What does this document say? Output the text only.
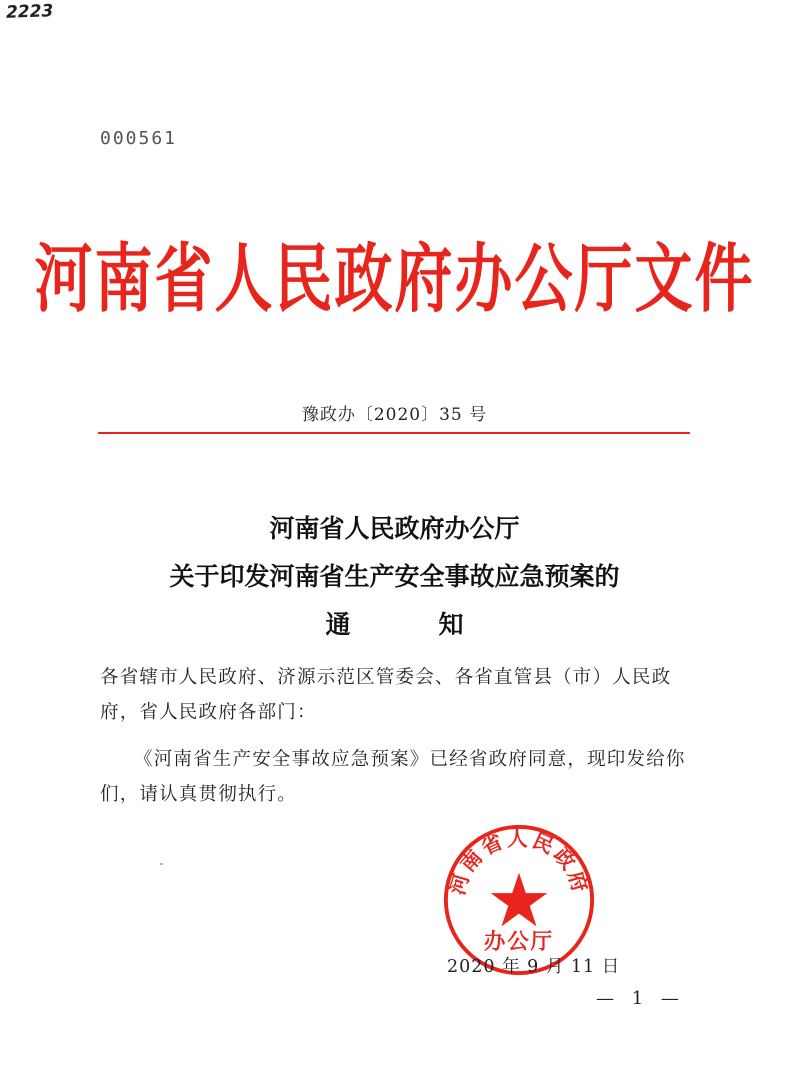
2223
000561
河南省人民政府办公厅文件
豫政办〔2020〕35 号
河南省人民政府办公厅
关于印发河南省生产安全事故应急预案的
通	知
各省辖市人民政府、济源示范区管委会、各省直管县（市）人民政府，省人民政府各部门：
《河南省生产安全事故应急预案》已经省政府同意，现印发给你们，请认真贯彻执行。
河南省人民政府
办公厅
2020 年 9 月 11 日
— 1 —
